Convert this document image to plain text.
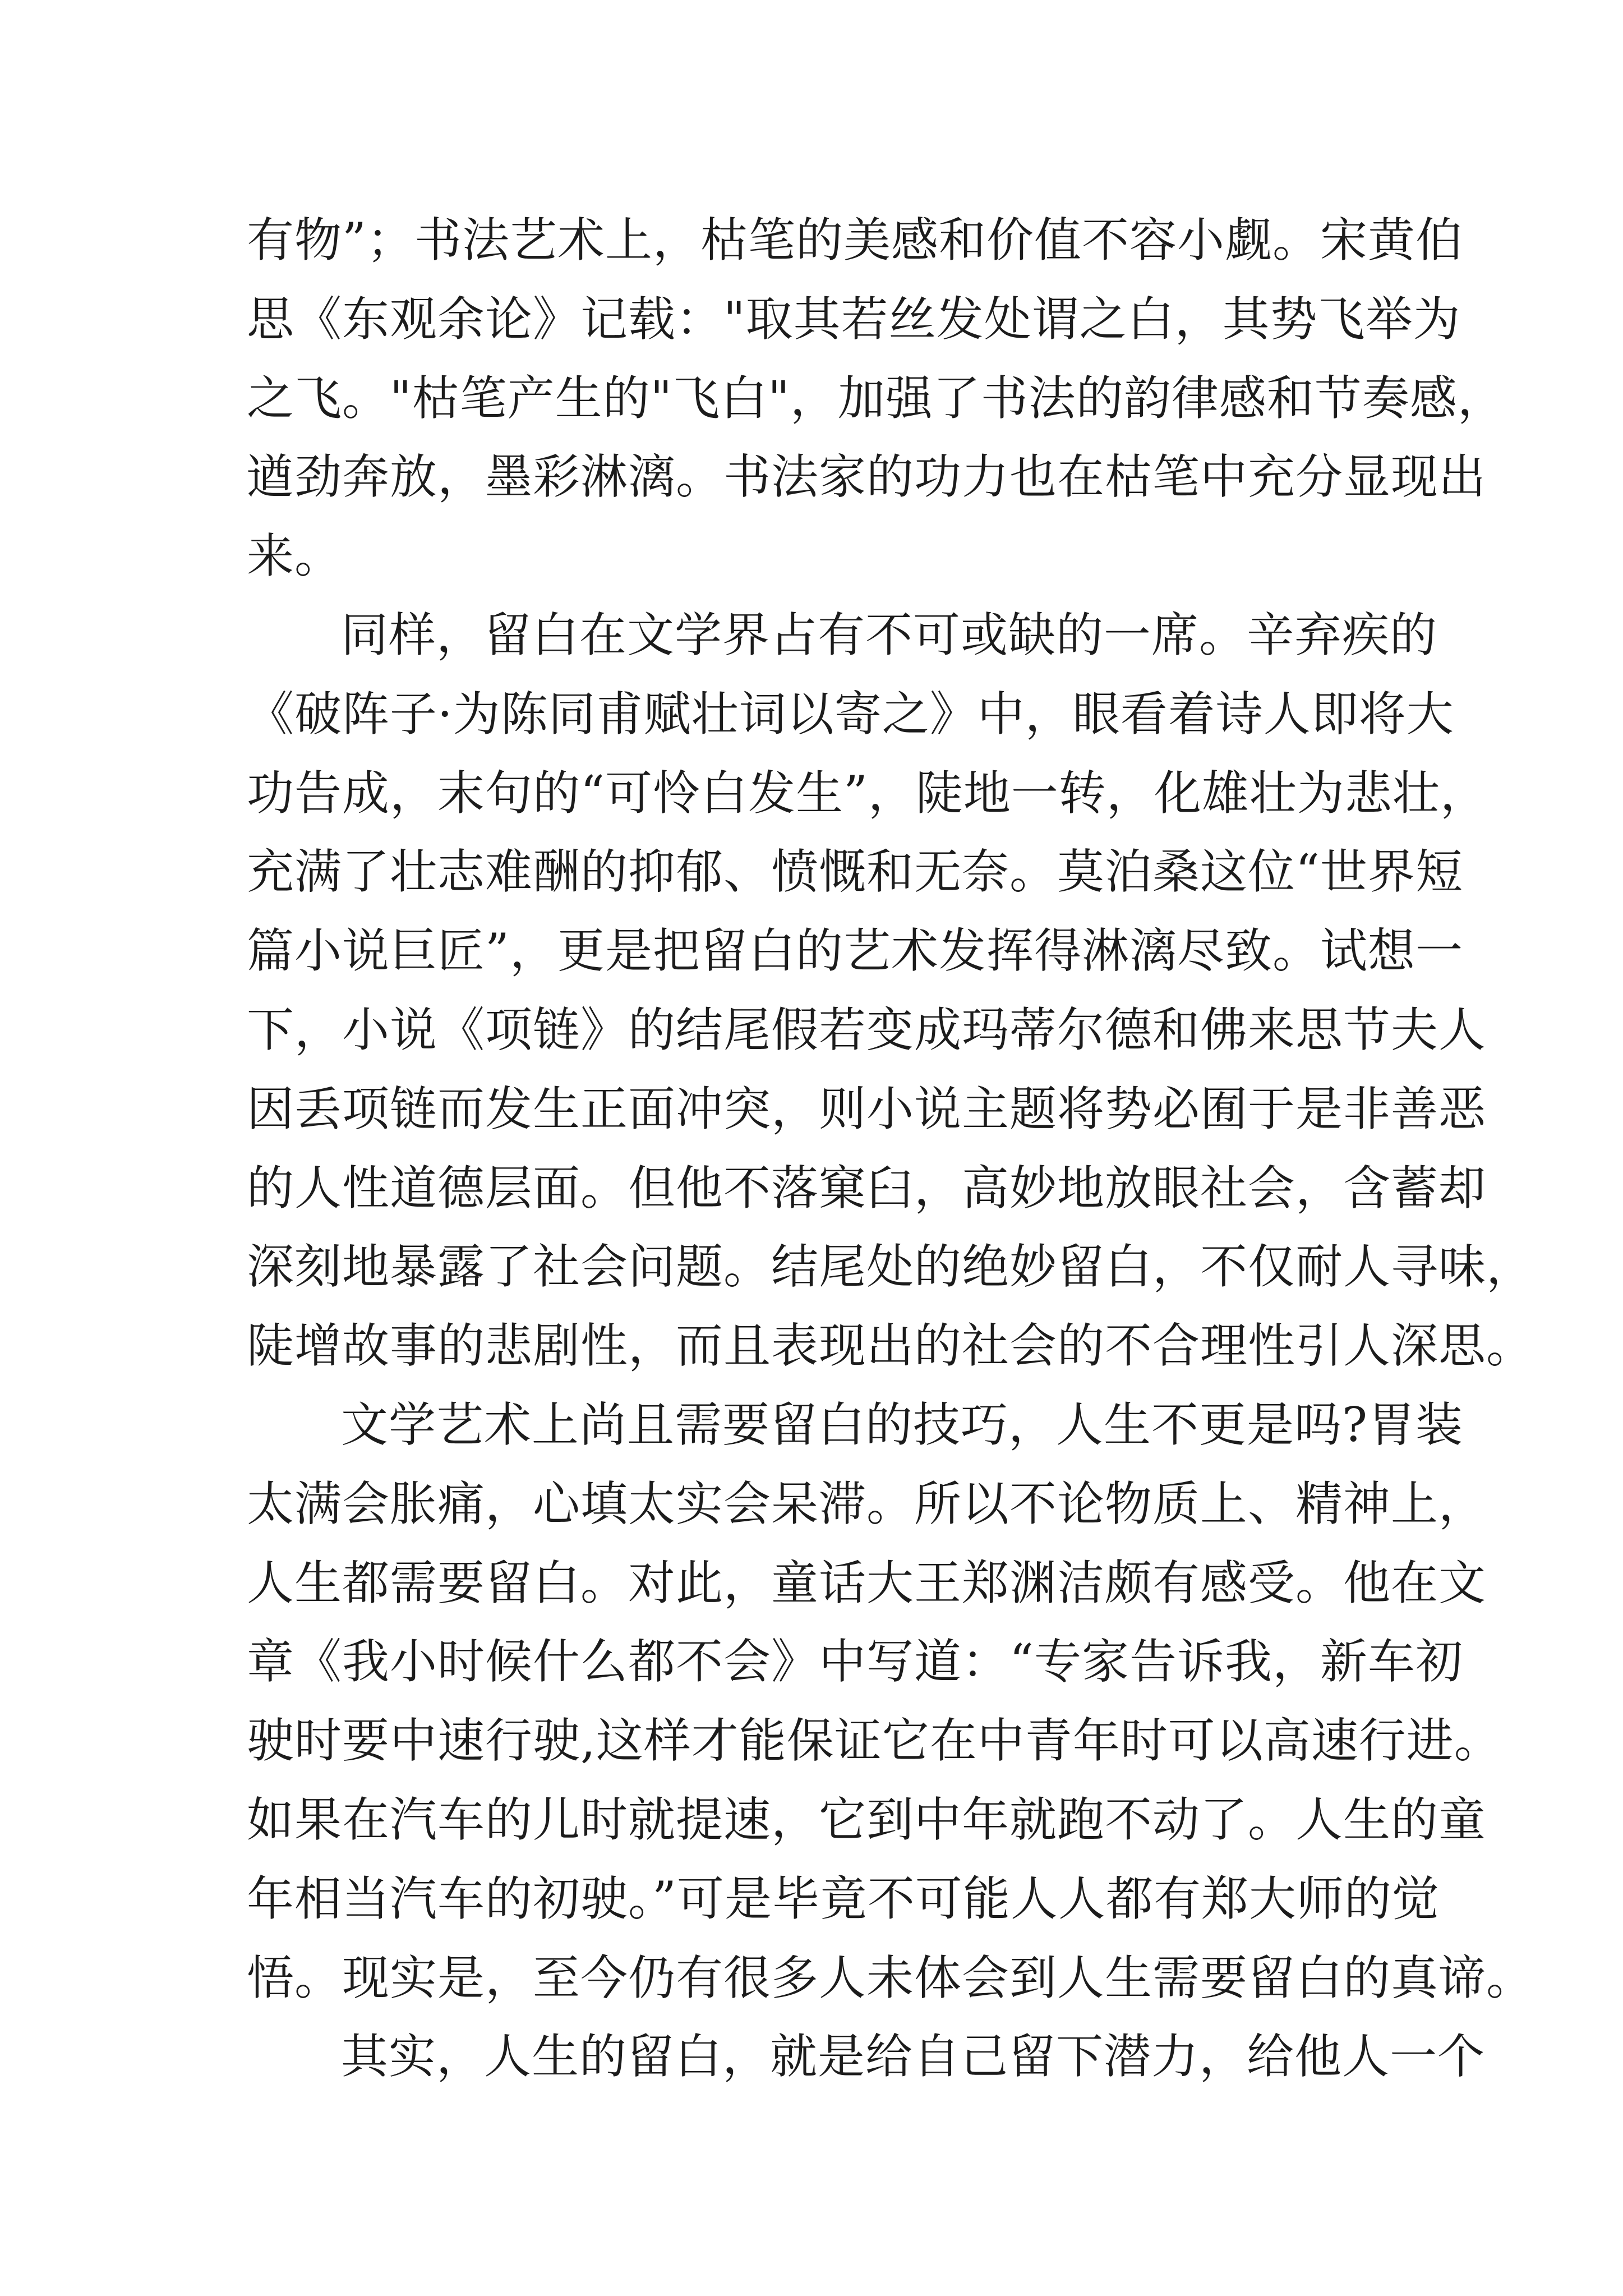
有物”；书法艺术上，枯笔的美感和价值不容小觑。宋黄伯
思《东观余论》记载："取其若丝发处谓之白，其势飞举为
之飞。"枯笔产生的"飞白"，加强了书法的韵律感和节奏感，
遒劲奔放，墨彩淋漓。书法家的功力也在枯笔中充分显现出
来。
同样，留白在文学界占有不可或缺的一席。辛弃疾的
《破阵子·为陈同甫赋壮词以寄之》中，眼看着诗人即将大
功告成，末句的“可怜白发生”，陡地一转，化雄壮为悲壮，
充满了壮志难酬的抑郁、愤慨和无奈。莫泊桑这位“世界短
篇小说巨匠”，更是把留白的艺术发挥得淋漓尽致。试想一
下，小说《项链》的结尾假若变成玛蒂尔德和佛来思节夫人
因丢项链而发生正面冲突，则小说主题将势必囿于是非善恶
的人性道德层面。但他不落窠臼，高妙地放眼社会，含蓄却
深刻地暴露了社会问题。结尾处的绝妙留白，不仅耐人寻味，
陡增故事的悲剧性，而且表现出的社会的不合理性引人深思。
文学艺术上尚且需要留白的技巧，人生不更是吗?胃装
太满会胀痛，心填太实会呆滞。所以不论物质上、精神上，
人生都需要留白。对此，童话大王郑渊洁颇有感受。他在文
章《我小时候什么都不会》中写道：“专家告诉我，新车初
驶时要中速行驶,这样才能保证它在中青年时可以高速行进。
如果在汽车的儿时就提速，它到中年就跑不动了。人生的童
年相当汽车的初驶。”可是毕竟不可能人人都有郑大师的觉
悟。现实是，至今仍有很多人未体会到人生需要留白的真谛。
其实，人生的留白，就是给自己留下潜力，给他人一个
